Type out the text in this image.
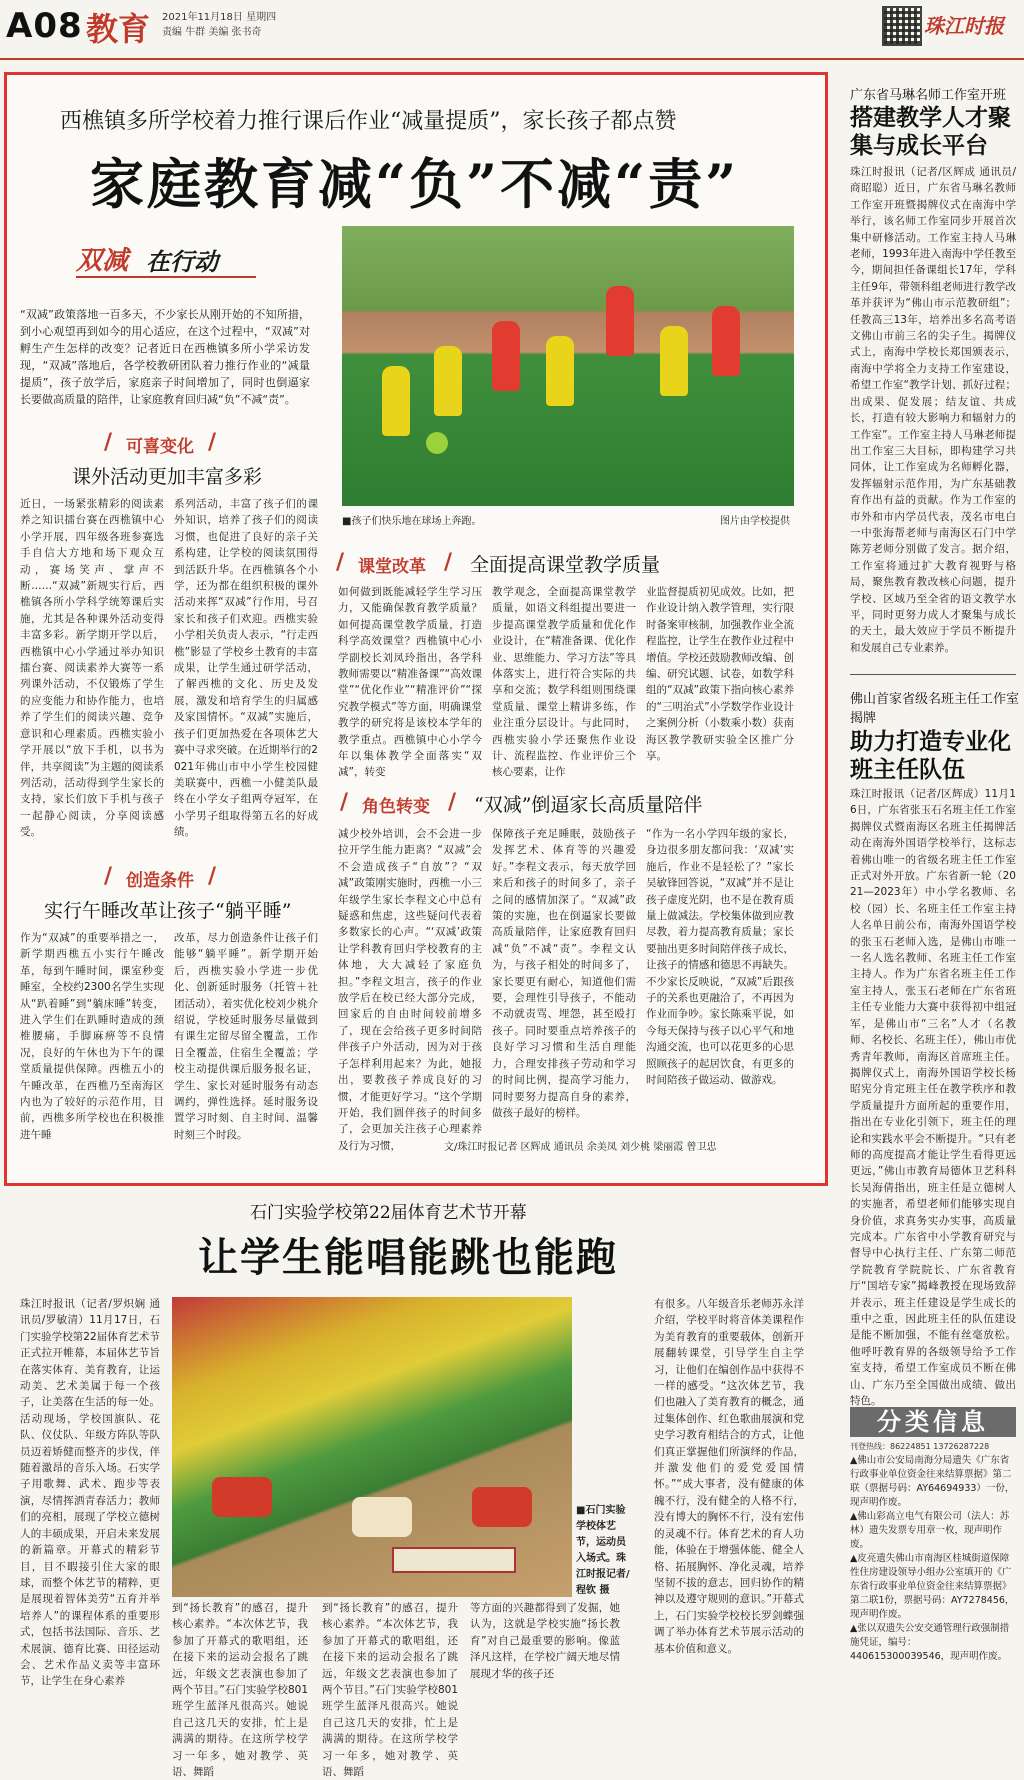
A08 教育 2021年11月18日 星期四
责编 牛群 美编 张书奇	珠江时报
西樵镇多所学校着力推行课后作业“减量提质”，家长孩子都点赞
家庭教育减“负”不减“责”
双减 在行动
“双减”政策落地一百多天，不少家长从刚开始的不知所措，到小心观望再到如今的用心适应，在这个过程中，“双减”对孵生产生怎样的改变？记者近日在西樵镇多所小学采访发现，“双减”落地后，各学校教研团队着力推行作业的“减量提质”，孩子放学后，家庭亲子时间增加了，同时也倒逼家长要做高质量的陪伴，让家庭教育回归减“负”不减“责”。
■孩子们快乐地在球场上奔跑。	图片由学校提供
/ 可喜变化 /
课外活动更加丰富多彩
近日，一场紧张精彩的阅读素养之知识擂台赛在西樵镇中心小学开展，四年级各班参赛选手自信大方地和场下观众互动，赛场笑声、掌声不断……“双减”新规实行后，西樵镇各所小学科学统筹课后实施，尤其是各种课外活动变得丰富多彩。新学期开学以后，西樵镇中心小学通过举办知识擂台赛、阅读素养大赛等一系列课外活动，不仅锻炼了学生的应变能力和协作能力，也培养了学生们的阅读兴趣、竞争意识和心理素质。西樵实验小学开展以“放下手机，以书为伴，共享阅读”为主题的阅读系列活动，活动得到学生家长的支持，家长们放下手机与孩子一起静心阅读，分享阅读感受。
系列活动，丰富了孩子们的课外知识，培养了孩子们的阅读习惯，也促进了良好的亲子关系构建，让学校的阅读氛围得到活跃升华。在西樵镇各个小学，还为都在组织积极的课外活动来挥“双减”行作用，号召家长和孩子们欢迎。西樵实验小学相关负责人表示，“行走西樵”影显了学校乡土教育的丰富成果，让学生通过研学活动，了解西樵的文化、历史及发展，激发和培育学生的归属感及家国情怀。“双减”实施后，孩子们更加热爱在各项体艺大赛中寻求突破。在近期举行的2021年佛山市中小学生校园健美联赛中，西樵一小健美队最终在小学女子组两夺冠军，在小学男子组取得第五名的好成绩。
/ 课堂改革 / 全面提高课堂教学质量
如何做到既能减轻学生学习压力，又能确保教育教学质量？如何提高课堂教学质量，打造科学高效课堂？西樵镇中心小学副校长刘凤玲指出，各学科教师需要以“精准备课”“高效课堂”“优化作业”“精准评价”“探究教学模式”等方面，明确课堂教学的研究将是该校本学年的教学重点。西樵镇中心小学今年以集体教学全面落实“双减”，转变
教学观念，全面提高课堂教学质量，如语文科组提出要进一步提高课堂教学质量和优化作业设计，在“精准备课、优化作业、思维能力、学习方法”等具体落实上，进行符合实际的共享和交流；数学科组则围绕课堂质量、课堂上精讲多练，作业注重分层设计。与此同时，西樵实验小学还聚焦作业设计、流程监控、作业评价三个核心要素，让作
业监督提质初见成效。比如，把作业设计纳入教学管理，实行限时备案审核制，加强教作业全流程监控，让学生在教作业过程中增值。学校还鼓励教师改编、创编、研究试题、试卷，如数学科组的“双减”政策下指向核心素养的“三明治式”小学数学作业设计之案例分析（小数乘小数）获南海区教学教研实验全区推广分享。
/ 角色转变 / “双减”倒逼家长高质量陪伴
减少校外培训，会不会进一步拉开学生能力距离？“双减”会不会造成孩子“自放”？“双减”政策刚实施时，西樵一小三年级学生家长李程文心中总有疑惑和焦虑，这些疑问代表着多数家长的心声。“‘双减’政策让学科教育回归学校教育的主体地，大大减轻了家庭负担。”李程文坦言，孩子的作业放学后在校已经大部分完成，回家后的自由时间较前增多了，现在会给孩子更多时间陪伴孩子户外活动，因为对于孩子怎样利用起来？为此，她报出，要教孩子养成良好的习惯，才能更好学习。“这个学期开始，我们圆伴孩子的时间多了，会更加关注孩子心理素养及行为习惯，
保障孩子充足睡眠，鼓励孩子发挥艺术、体育等的兴趣爱好。”李程文表示，每天放学回来后和孩子的时间多了，亲子之间的感情加深了。“双减”政策的实施，也在倒逼家长要做高质量陪伴，让家庭教育回归减“负”不减“责”。李程文认为，与孩子相处的时间多了，家长要更有耐心，知道他们需要，会理性引导孩子，不能动不动就责骂、埋怨，甚至殴打孩子。同时要重点培养孩子的良好学习习惯和生活自理能力，合理安排孩子劳动和学习的时间比例，提高学习能力，同时要努力提高自身的素养，做孩子最好的榜样。
“作为一名小学四年级的家长，身边很多朋友都问我：‘双减’实施后，作业不是轻松了？”家长吴敏锋回答说，“双减”并不是让孩子虚度光阴，也不是在教育质量上做减法。学校集体做到应教尽教，着力提高教育质量；家长要抽出更多时间陪伴孩子成长，让孩子的情感和德思不再缺失。不少家长反映说，“双减”后跟孩子的关系也更融洽了，不再因为作业而争吵。家长陈乘平说，如今每天保持与孩子以心平气和地沟通交流，也可以花更多的心思照顾孩子的起居饮食，有更多的时间陪孩子做运动、做游戏。
/ 创造条件 /
实行午睡改革让孩子“躺平睡”
作为“双减”的重要举措之一，新学期西樵五小实行午睡改革，每到午睡时间，课室秒变睡室，全校约2300名学生实现从“趴着睡”到“躺床睡”转变，进入学生们在趴睡时造成的颈椎腰痛，手脚麻痹等不良情况，良好的午休也为下午的课堂质量提供保障。西樵五小的午睡改革，在西樵乃至南海区内也为了较好的示范作用，目前，西樵多所学校也在积极推进午睡
改革，尽力创造条件让孩子们能够“躺平睡”。新学期开始后，西樵实验小学进一步优化、创新延时服务（托管＋社团活动），着实优化校刘少桃介绍说，学校延时服务尽量做到有课生定留尽留全覆盖，工作日全覆盖，住宿生全覆盖；学校主动提供课后服务报名证，学生、家长对延时服务有动态调约，弹性选择。延时服务设置学习时刻、自主时间、温馨时刻三个时段。
文/珠江时报记者 区辉成 通讯员 余美凤 刘少桃 梁丽霞 曾卫忠
广东省马琳名师工作室开班
搭建教学人才聚集与成长平台
珠江时报讯（记者/区辉成 通讯员/商昭聪）近日，广东省马琳名教师工作室开班暨揭牌仪式在南海中学举行，该名师工作室同步开展首次集中研修活动。工作室主持人马琳老师，1993年进入南海中学任教至今，期间担任备课组长17年，学科主任9年，带领科组老师进行教学改革并获评为“佛山市示范教研组”；任教高三13年，培养出多名高考语文佛山市前三名的尖子生。揭牌仪式上，南海中学校长郑国颁表示，南海中学将全力支持工作室建设，希望工作室“教学计划、抓好过程；出成果、促发展；结友谊、共成长，打造有较大影响力和辐射力的工作室”。工作室主持人马琳老师提出工作室三大目标，即构建学习共同体，让工作室成为名师孵化器，发挥辐射示范作用，为广东基础教育作出有益的贡献。作为工作室的市外和市内学员代表，茂名市电白一中张海帮老师与南海区石门中学陈芳老师分别做了发言。据介绍，工作室将通过扩大教育视野与格局，聚焦教育教改核心问题，提升学校、区域乃至全省的语文教学水平，同时更努力成人才聚集与成长的天土，最大效应于学员不断提升和发展自己专业素养。
佛山首家省级名班主任工作室揭牌
助力打造专业化班主任队伍
珠江时报讯（记者/区辉成）11月16日，广东省张玉石名班主任工作室揭牌仪式暨南海区名班主任揭牌活动在南海外国语学校举行，这标志着佛山唯一的省级名班主任工作室正式对外开放。广东省新一轮（2021—2023年）中小学名教师、名校（园）长、名班主任工作室主持人名单日前公布，南海外国语学校的张玉石老师入选，是佛山市唯一一名人选名教师、名班主任工作室主持人。作为广东省名班主任工作室主持人，张玉石老师在广东省班主任专业能力大赛中获得初中组冠军，是佛山市“三名”人才（名教师、名校长、名班主任），佛山市优秀青年教师，南海区首席班主任。揭牌仪式上，南海外国语学校长杨昭宪分肯定班主任在教学秩序和教学质量提升方面所起的重要作用，指出在专业化引领下，班主任的理论和实践水平会不断提升。“只有老师的高度提高才能让学生看得更远更远，”佛山市教育局德体卫艺科科长吴海倩指出，班主任是立德树人的实施者，希望老师们能够实现自身价值，求真务实办实事，高质量完成本。广东省中小学教育研究与督导中心执行主任、广东第二师范学院教育学院院长、广东省教育厅“国培专家”揭峰教授在现场致辞并表示，班主任建设是学生成长的重中之重，因此班主任的队伍建设是能不断加强，不能有丝毫放松。他呼吁教育界的各级领导给予工作室支持，希望工作室成员不断在佛山、广东乃至全国做出成绩、做出特色。
分类信息
刊登热线：86224851 13726287228
▲佛山市公安局南海分局遗失《广东省行政事业单位资金往来结算票据》第二联（票据号码：AY64694933）一份，现声明作废。
▲佛山彩高立电气有限公司（法人：苏林）遗失发票专用章一枚，现声明作废。
▲皮亮遗失佛山市南海区桂城街道保障性住房建设领导小组办公室填开的《广东省行政事业单位资金往来结算票据》第二联1份，票据号码：AY7278456，现声明作废。
▲张以双遗失公安交通管理行政强制措施凭证，编号：440615300039546，现声明作废。
石门实验学校第22届体育艺术节开幕
让学生能唱能跳也能跑
珠江时报讯（记者/罗炽娴 通讯员/罗敏清）11月17日，石门实验学校第22届体育艺术节正式拉开帷幕，本届体艺节旨在落实体育、美育教育，让运动美、艺术美属于每一个孩子，让美落在生活的每一处。活动现场，学校国旗队、花队、仪仗队、年级方阵队等队员迈着矫健而整齐的步伐，伴随着激昂的音乐入场。石实学子用歌舞、武术、跑步等表演，尽情挥洒青春活力；教师们的亮相，展现了学校立德树人的丰硕成果，开启未来发展的新篇章。开幕式的精彩节目，目不暇接引住大家的眼球，而整个体艺节的精粹，更是展现着智体美劳“五育并举培养人”的课程体系的重要形式，包括书法国际、音乐、艺术展演、德育比赛、田径运动会、艺术作品义卖等丰富环节，让学生在身心素养
■石门实验学校体艺节，运动员入场式。珠江时报记者/程钦 摄
到“扬长教育”的感召，提升核心素养。“本次体艺节，我参加了开幕式的歌唱组，还在接下来的运动会报名了跳远，年级文艺表演也参加了两个节目。”石门实验学校801班学生蓝泽凡很高兴。她说自己这几天的安排，忙上是满满的期待。在这所学校学习一年多，她对教学、英语、舞蹈
到“扬长教育”的感召，提升核心素养。“本次体艺节，我参加了开幕式的歌唱组，还在接下来的运动会报名了跳远，年级文艺表演也参加了两个节目。”石门实验学校801班学生蓝泽凡很高兴。她说自己这几天的安排，忙上是满满的期待。在这所学校学习一年多，她对教学、英语、舞蹈
等方面的兴趣都得到了发掘，她认为，这就是学校实施“扬长教育”对自己最重要的影响。像蓝泽凡这样，在学校广阔天地尽情展现才华的孩子还
有很多。八年级音乐老师苏永洋介绍，学校平时将音体美课程作为美育教育的重要载体，创新开展翻转课堂，引导学生自主学习，让他们在编创作品中获得不一样的感受。“这次体艺节，我们也融入了美育教育的概念，通过集体创作、红色歌曲展演和党史学习教育相结合的方式，让他们真正掌握他们所演绎的作品，并激发他们的爱党爱国情怀。”“成大事者，没有健康的体魄不行，没有健全的人格不行，没有博大的胸怀不行，没有宏伟的灵魂不行。体育艺术的育人功能，体验在于增强体能、健全人格、拓展胸怀、净化灵魂，培养坚韧不拔的意志，回归协作的精神以及遵守规则的意识。”开幕式上，石门实验学校校长罗剑蝶强调了举办体育艺术节展示活动的基本价值和意义。
